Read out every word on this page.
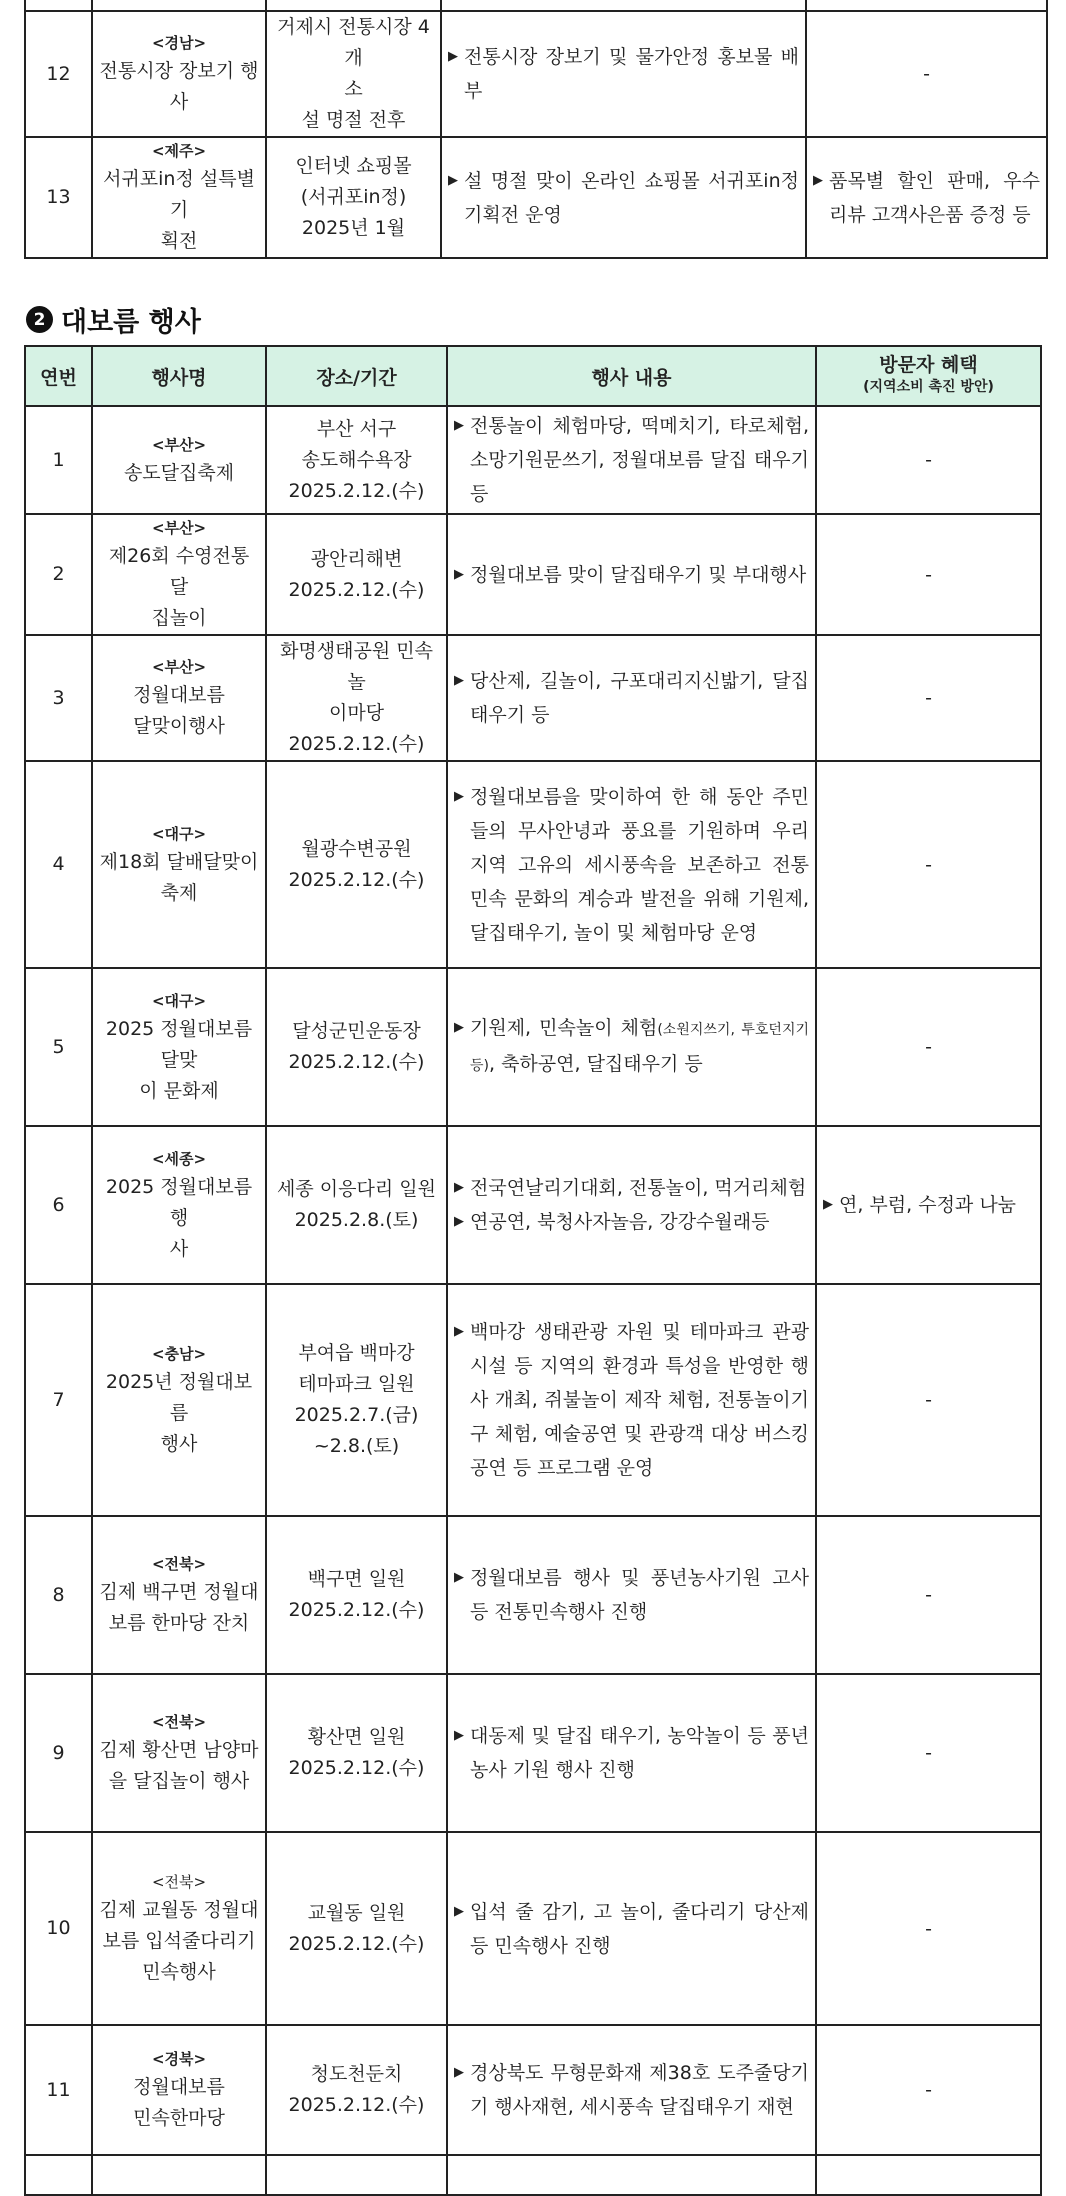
12	<경남>
전통시장 장보기 행
사	거제시 전통시장 4개
소
설 명절 전후	▶ 전통시장 장보기 및 물가안정 홍보물 배부	-
13	<제주>
서귀포in정 설특별기
획전	인터넷 쇼핑몰
(서귀포in정)
2025년 1월	▶ 설 명절 맞이 온라인 쇼핑몰 서귀포in정 기획전 운영	▶ 품목별 할인 판매, 우수 리뷰 고객사은품 증정 등
2 대보름 행사
연번	행사명	장소/기간	행사 내용	방문자 혜택
(지역소비 촉진 방안)

1	<부산>
송도달집축제	부산 서구
송도해수욕장
2025.2.12.(수)	▶ 전통놀이 체험마당, 떡메치기, 타로체험, 소망기원문쓰기, 정월대보름 달집 태우기 등	-
2	<부산>
제26회 수영전통 달
집놀이	광안리해변
2025.2.12.(수)	▶ 정월대보름 맞이 달집태우기 및 부대행사	-
3	<부산>
정월대보름
달맞이행사	화명생태공원 민속놀
이마당
2025.2.12.(수)	▶ 당산제, 길놀이, 구포대리지신밟기, 달집태우기 등	-
4	<대구>
제18회 달배달맞이
축제	월광수변공원
2025.2.12.(수)	▶ 정월대보름을 맞이하여 한 해 동안 주민들의 무사안녕과 풍요를 기원하며 우리 지역 고유의 세시풍속을 보존하고 전통 민속 문화의 계승과 발전을 위해 기원제, 달집태우기, 놀이 및 체험마당 운영	-
5	<대구>
2025 정월대보름 달맞
이 문화제	달성군민운동장
2025.2.12.(수)	▶ 기원제, 민속놀이 체험(소원지쓰기, 투호던지기 등), 축하공연, 달집태우기 등	-
6	<세종>
2025 정월대보름 행
사	세종 이응다리 일원
2025.2.8.(토)	▶ 전국연날리기대회, 전통놀이, 먹거리체험
▶ 연공연, 북청사자놀음, 강강수월래등	▶ 연, 부럼, 수정과 나눔

7	<충남>
2025년 정월대보름
행사	부여읍 백마강
테마파크 일원
2025.2.7.(금)
~2.8.(토)	▶ 백마강 생태관광 자원 및 테마파크 관광시설 등 지역의 환경과 특성을 반영한 행사 개최, 쥐불놀이 제작 체험, 전통놀이기구 체험, 예술공연 및 관광객 대상 버스킹 공연 등 프로그램 운영	-
8	<전북>
김제 백구면 정월대
보름 한마당 잔치	백구면 일원
2025.2.12.(수)	▶ 정월대보름 행사 및 풍년농사기원 고사 등 전통민속행사 진행	-
9	<전북>
김제 황산면 남양마
을 달집놀이 행사	황산면 일원
2025.2.12.(수)	▶ 대동제 및 달집 태우기, 농악놀이 등 풍년 농사 기원 행사 진행	-
10	<전북>
김제 교월동 정월대
보름 입석줄다리기
민속행사	교월동 일원
2025.2.12.(수)	▶ 입석 줄 감기, 고 놀이, 줄다리기 당산제 등 민속행사 진행	-
11	<경북>
정월대보름
민속한마당	청도천둔치
2025.2.12.(수)	▶ 경상북도 무형문화재 제38호 도주줄당기기 행사재현, 세시풍속 달집태우기 재현	-
